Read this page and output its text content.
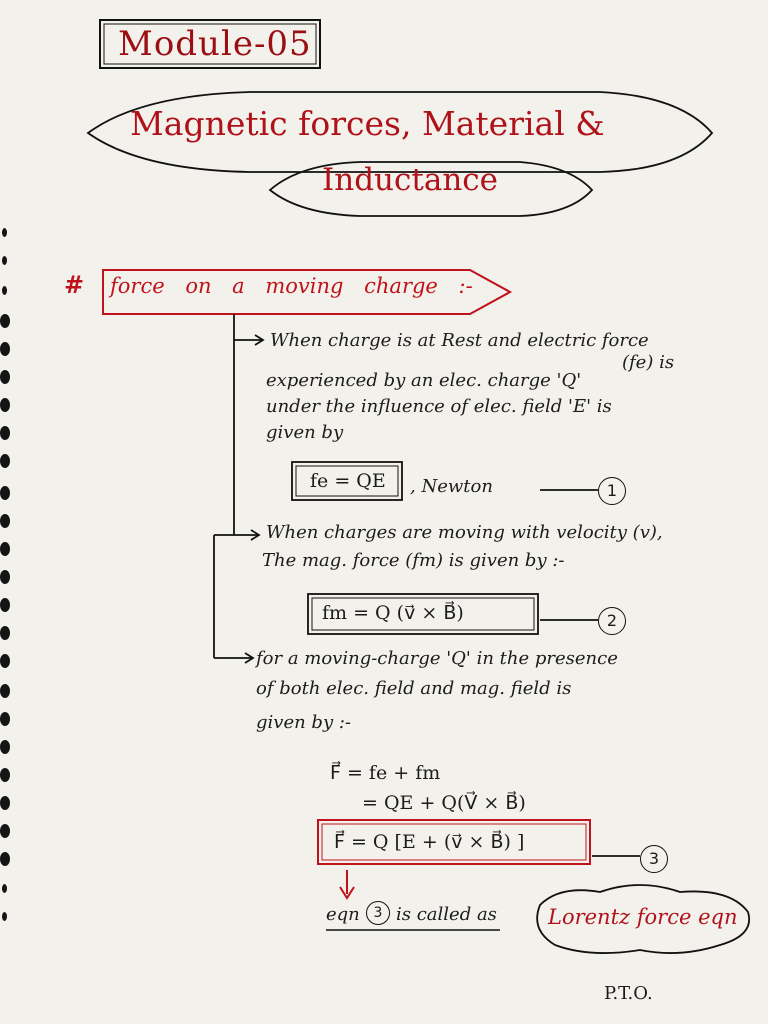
Module-05
Magnetic forces, Material &
Inductance
# force on a moving charge :-
When charge is at Rest and electric force
(fe) is
experienced by an elec. charge 'Q'
under the influence of elec. field 'E' is
given by
fe = QE , Newton	1
When charges are moving with velocity (v),
The mag. force (fm) is given by :-
fm = Q (v⃗ × B⃗)	2
for a moving-charge 'Q' in the presence
of both elec. field and mag. field is
given by :-
F⃗ = fe + fm
= QE + Q(V⃗ × B⃗)
F⃗ = Q [E + (v⃗ × B⃗) ]
3
eqn 3 is called as Lorentz force eqn
P.T.O.
